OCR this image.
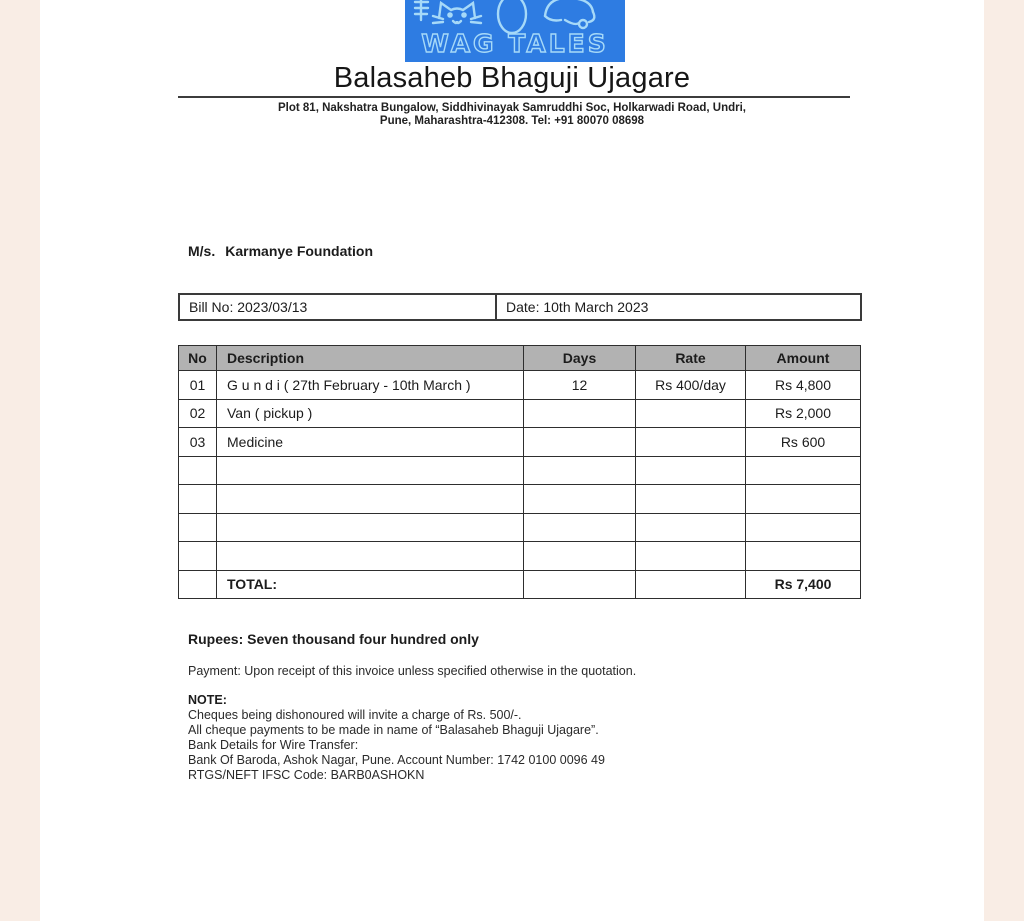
WAG TALES
Balasaheb Bhaguji Ujagare
Plot 81, Nakshatra Bungalow, Siddhivinayak Samruddhi Soc, Holkarwadi Road, Undri,
Pune, Maharashtra-412308. Tel: +91 80070 08698
M/s. Karmanye Foundation
Bill No: 2023/03/13	Date: 10th March 2023
No	Description	Days	Rate	Amount
01	G u n d i ( 27th February - 10th March )	12	Rs 400/day	Rs 4,800
02	Van ( pickup )			Rs 2,000
03	Medicine			Rs 600

	TOTAL:			Rs 7,400
Rupees: Seven thousand four hundred only
Payment: Upon receipt of this invoice unless specified otherwise in the quotation.
NOTE:
Cheques being dishonoured will invite a charge of Rs. 500/-.
All cheque payments to be made in name of “Balasaheb Bhaguji Ujagare”.
Bank Details for Wire Transfer:
Bank Of Baroda, Ashok Nagar, Pune. Account Number: 1742 0100 0096 49
RTGS/NEFT IFSC Code: BARB0ASHOKN
